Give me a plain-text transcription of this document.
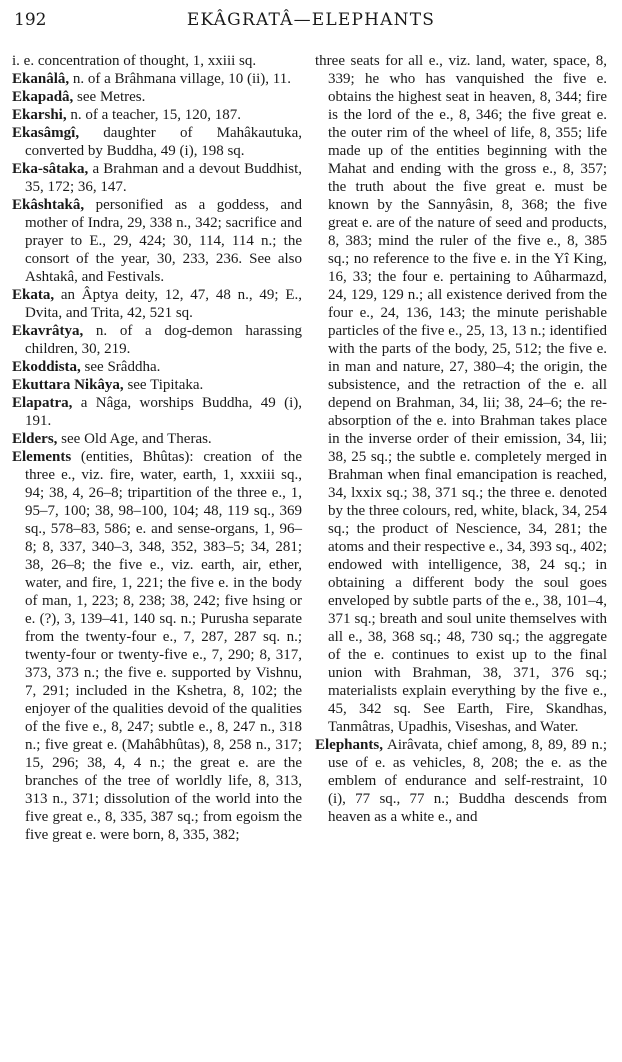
192	EKÂGRATÂ—ELEPHANTS

i. e. concentration of thought, 1, xxiii sq.

Ekanâlâ, n. of a Brâhmana village, 10 (ii), 11.

Ekapadâ, see Metres.

Ekarshi, n. of a teacher, 15, 120, 187.

Ekasâmgî, daughter of Mahâkautuka, converted by Buddha, 49 (i), 198 sq.

Eka-sâtaka, a Brahman and a devout Buddhist, 35, 172; 36, 147.

Ekâshtakâ, personified as a goddess, and mother of Indra, 29, 338 n., 342; sacrifice and prayer to E., 29, 424; 30, 114, 114 n.; the consort of the year, 30, 233, 236. See also Ashtakâ, and Festivals.

Ekata, an Âptya deity, 12, 47, 48 n., 49; E., Dvita, and Trita, 42, 521 sq.

Ekavrâtya, n. of a dog-demon harassing children, 30, 219.

Ekoddista, see Srâddha.

Ekuttara Nikâya, see Tipitaka.

Elapatra, a Nâga, worships Buddha, 49 (i), 191.

Elders, see Old Age, and Theras.

Elements (entities, Bhûtas): creation of the three e., viz. fire, water, earth, 1, xxxiii sq., 94; 38, 4, 26–8; tripartition of the three e., 1, 95–7, 100; 38, 98–100, 104; 48, 119 sq., 369 sq., 578–83, 586; e. and sense-organs, 1, 96–8; 8, 337, 340–3, 348, 352, 383–5; 34, 281; 38, 26–8; the five e., viz. earth, air, ether, water, and fire, 1, 221; the five e. in the body of man, 1, 223; 8, 238; 38, 242; five hsing or e. (?), 3, 139–41, 140 sq. n.; Purusha separate from the twenty-four e., 7, 287, 287 sq. n.; twenty-four or twenty-five e., 7, 290; 8, 317, 373, 373 n.; the five e. supported by Vishnu, 7, 291; included in the Kshetra, 8, 102; the enjoyer of the qualities devoid of the qualities of the five e., 8, 247; subtle e., 8, 247 n., 318 n.; five great e. (Mahâbhûtas), 8, 258 n., 317; 15, 296; 38, 4, 4 n.; the great e. are the branches of the tree of worldly life, 8, 313, 313 n., 371; dissolution of the world into the five great e., 8, 335, 387 sq.; from egoism the five great e. were born, 8, 335, 382;

three seats for all e., viz. land, water, space, 8, 339; he who has vanquished the five e. obtains the highest seat in heaven, 8, 344; fire is the lord of the e., 8, 346; the five great e. the outer rim of the wheel of life, 8, 355; life made up of the entities beginning with the Mahat and ending with the gross e., 8, 357; the truth about the five great e. must be known by the Sannyâsin, 8, 368; the five great e. are of the nature of seed and products, 8, 383; mind the ruler of the five e., 8, 385 sq.; no reference to the five e. in the Yî King, 16, 33; the four e. pertaining to Aûharmazd, 24, 129, 129 n.; all existence derived from the four e., 24, 136, 143; the minute perishable particles of the five e., 25, 13, 13 n.; identified with the parts of the body, 25, 512; the five e. in man and nature, 27, 380–4; the origin, the subsistence, and the retraction of the e. all depend on Brahman, 34, lii; 38, 24–6; the re-absorption of the e. into Brahman takes place in the inverse order of their emission, 34, lii; 38, 25 sq.; the subtle e. completely merged in Brahman when final emancipation is reached, 34, lxxix sq.; 38, 371 sq.; the three e. denoted by the three colours, red, white, black, 34, 254 sq.; the product of Nescience, 34, 281; the atoms and their respective e., 34, 393 sq., 402; endowed with intelligence, 38, 24 sq.; in obtaining a different body the soul goes enveloped by subtle parts of the e., 38, 101–4, 371 sq.; breath and soul unite themselves with all e., 38, 368 sq.; 48, 730 sq.; the aggregate of the e. continues to exist up to the final union with Brahman, 38, 371, 376 sq.; materialists explain everything by the five e., 45, 342 sq. See Earth, Fire, Skandhas, Tanmâtras, Upadhis, Viseshas, and Water.

Elephants, Airâvata, chief among, 8, 89, 89 n.; use of e. as vehicles, 8, 208; the e. as the emblem of endurance and self-restraint, 10 (i), 77 sq., 77 n.; Buddha descends from heaven as a white e., and
